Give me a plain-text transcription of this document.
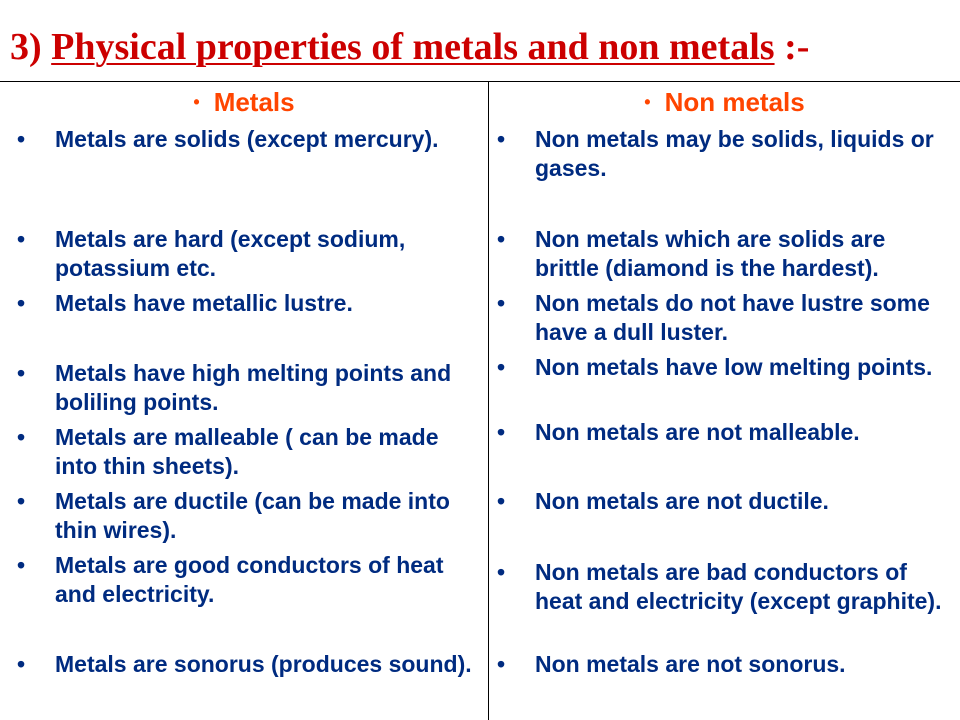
3) Physical properties of metals and non metals :-
• Metals	• Non metals
• Metals are solids (except mercury).
• Metals are hard (except sodium, potassium etc.
• Metals have metallic lustre.
• Metals have high melting points and boliling points.
• Metals are malleable ( can be made into thin sheets).
• Metals are ductile (can be made into thin wires).
• Metals are good conductors of heat and electricity.
• Metals are sonorus (produces sound).
• Non metals may be solids, liquids or gases.
• Non metals which are solids are brittle (diamond is the hardest).
• Non metals do not have lustre some have a dull luster.
• Non metals have low melting points.
• Non metals are not malleable.
• Non metals are not ductile.
• Non metals are bad conductors of heat and electricity (except graphite).
• Non metals are not sonorus.
